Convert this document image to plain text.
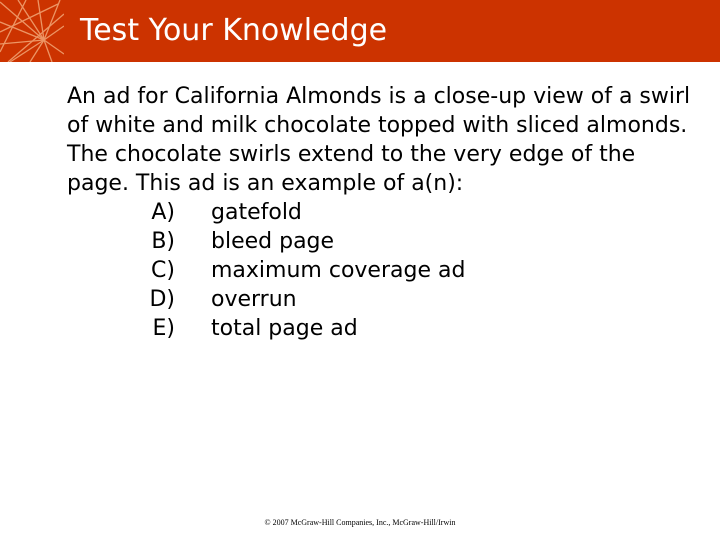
Test Your Knowledge

An ad for California Almonds is a close-up view of a swirl of white and milk chocolate topped with sliced almonds. The chocolate swirls extend to the very edge of the page. This ad is an example of a(n):

A) gatefold
B) bleed page
C) maximum coverage ad
D) overrun
E) total page ad
© 2007 McGraw-Hill Companies, Inc., McGraw-Hill/Irwin
